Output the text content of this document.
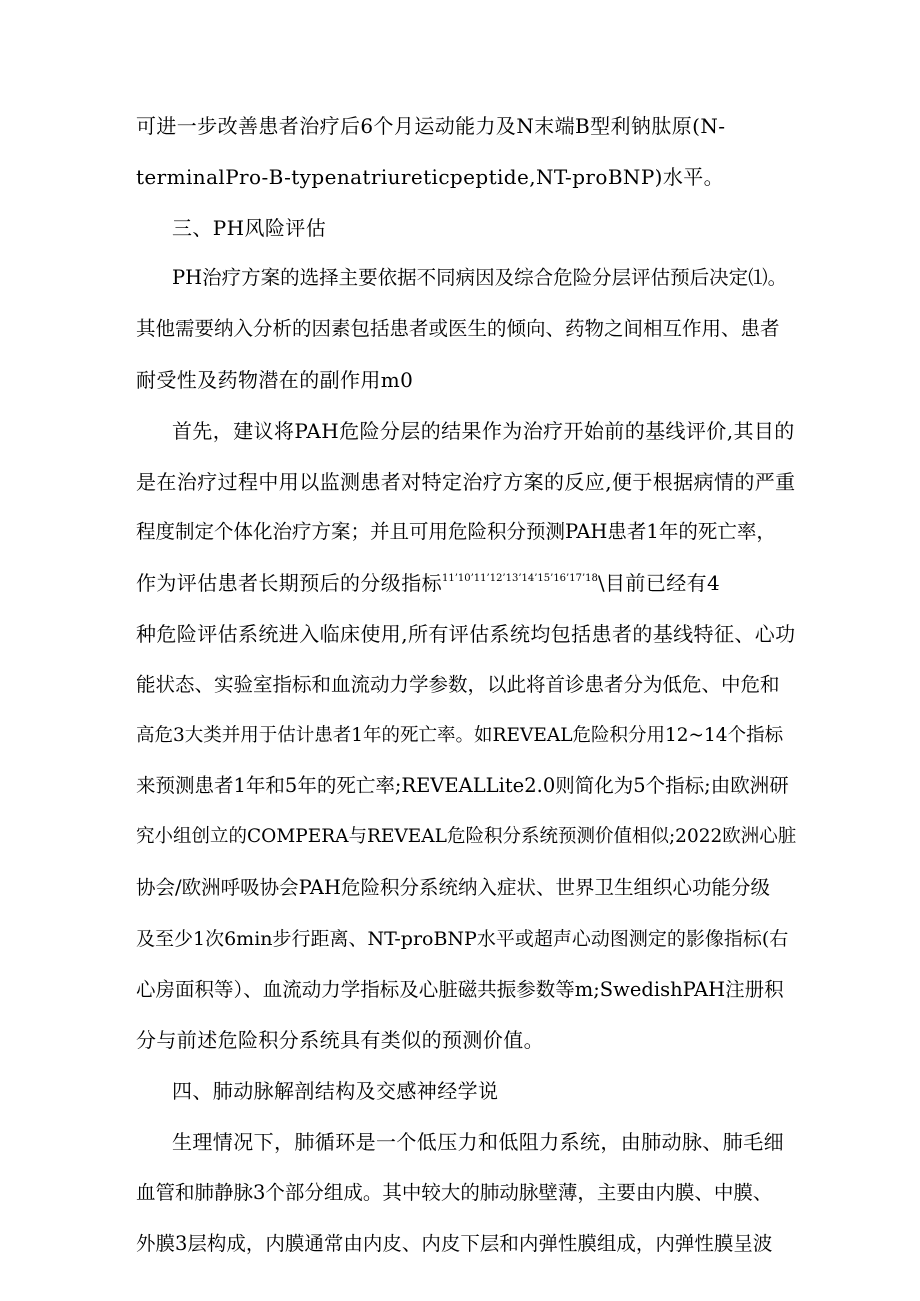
可进一步改善患者治疗后6个月运动能力及N末端B型利钠肽原(N-
terminalPro-B-typenatriureticpeptide,NT-proBNP)水平。
三、PH风险评估
PH治疗方案的选择主要依据不同病因及综合危险分层评估预后决定⑴。
其他需要纳入分析的因素包括患者或医生的倾向、药物之间相互作用、患者
耐受性及药物潜在的副作用m0
首先，建议将PAH危险分层的结果作为治疗开始前的基线评价,其目的
是在治疗过程中用以监测患者对特定治疗方案的反应,便于根据病情的严重
程度制定个体化治疗方案；并且可用危险积分预测PAH患者1年的死亡率，
作为评估患者长期预后的分级指标$^{11’10’11’12’13’14’15’16’17’18}$\目前已经有4
种危险评估系统进入临床使用,所有评估系统均包括患者的基线特征、心功
能状态、实验室指标和血流动力学参数，以此将首诊患者分为低危、中危和
高危3大类并用于估计患者1年的死亡率。如REVEAL危险积分用12~14个指标
来预测患者1年和5年的死亡率;REVEALLite2.0则简化为5个指标;由欧洲研
究小组创立的COMPERA与REVEAL危险积分系统预测价值相似;2022欧洲心脏
协会/欧洲呼吸协会PAH危险积分系统纳入症状、世界卫生组织心功能分级
及至少1次6min步行距离、NT-proBNP水平或超声心动图测定的影像指标(右
心房面积等）、血流动力学指标及心脏磁共振参数等m;SwedishPAH注册积
分与前述危险积分系统具有类似的预测价值。
四、肺动脉解剖结构及交感神经学说
生理情况下，肺循环是一个低压力和低阻力系统，由肺动脉、肺毛细
血管和肺静脉3个部分组成。其中较大的肺动脉壁薄，主要由内膜、中膜、
外膜3层构成，内膜通常由内皮、内皮下层和内弹性膜组成，内弹性膜呈波
